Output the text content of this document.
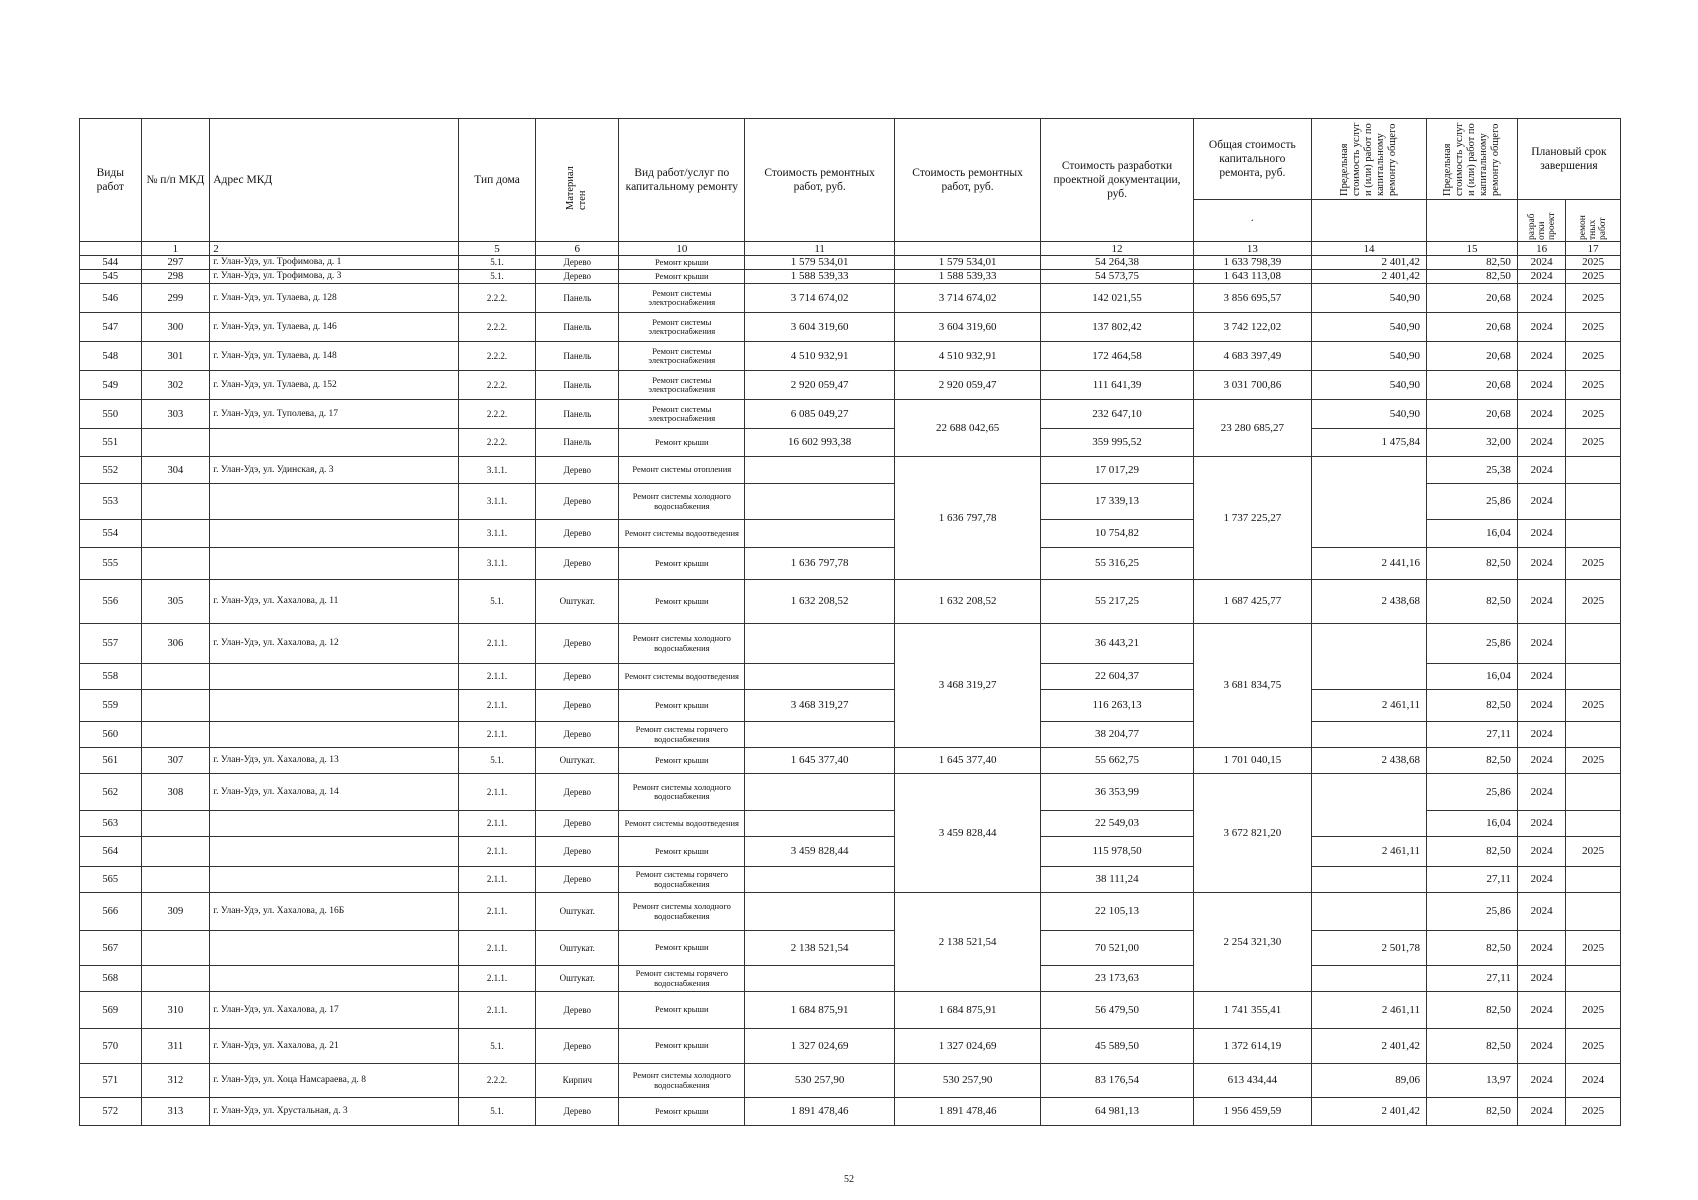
Виды работ	№ п/п МКД	Адрес МКД	Тип дома	Материал стен	Вид работ/услуг по капитальному ремонту	Стоимость ремонтных работ, руб.	Стоимость ремонтных работ, руб.	Стоимость разработки проектной документации, руб.	Общая стоимость капитального ремонта, руб.	Предельная стоимость услуг и (или) работ по капитальному ремонту общего	Предельная стоимость услуг и (или) работ по капитальному ремонту общего	Плановый срок завершения	
									·			разраб отки проект	ремон тных работ

	1	2	5	6	10	11		12	13	14	15	16	17
544	297	г. Улан-Удэ, ул. Трофимова, д. 1	5.1.	Дерево	Ремонт крыши	1 579 534,01	1 579 534,01	54 264,38	1 633 798,39	2 401,42	82,50	2024	2025
545	298	г. Улан-Удэ, ул. Трофимова, д. 3	5.1.	Дерево	Ремонт крыши	1 588 539,33	1 588 539,33	54 573,75	1 643 113,08	2 401,42	82,50	2024	2025
546	299	г. Улан-Удэ, ул. Тулаева, д. 128	2.2.2.	Панель	Ремонт системы электроснабжения	3 714 674,02	3 714 674,02	142 021,55	3 856 695,57	540,90	20,68	2024	2025
547	300	г. Улан-Удэ, ул. Тулаева, д. 146	2.2.2.	Панель	Ремонт системы электроснабжения	3 604 319,60	3 604 319,60	137 802,42	3 742 122,02	540,90	20,68	2024	2025
548	301	г. Улан-Удэ, ул. Тулаева, д. 148	2.2.2.	Панель	Ремонт системы электроснабжения	4 510 932,91	4 510 932,91	172 464,58	4 683 397,49	540,90	20,68	2024	2025
549	302	г. Улан-Удэ, ул. Тулаева, д. 152	2.2.2.	Панель	Ремонт системы электроснабжения	2 920 059,47	2 920 059,47	111 641,39	3 031 700,86	540,90	20,68	2024	2025
550	303	г. Улан-Удэ, ул. Туполева, д. 17	2.2.2.	Панель	Ремонт системы электроснабжения	6 085 049,27	22 688 042,65	232 647,10	23 280 685,27	540,90	20,68	2024	2025
551			2.2.2.	Панель	Ремонт крыши	16 602 993,38		359 995,52		1 475,84	32,00	2024	2025
552	304	г. Улан-Удэ, ул. Удинская, д. 3	3.1.1.	Дерево	Ремонт системы отопления		1 636 797,78	17 017,29	1 737 225,27		25,38	2024	
553			3.1.1.	Дерево	Ремонт системы холодного водоснабжения			17 339,13			25,86	2024	
554			3.1.1.	Дерево	Ремонт системы водоотведения			10 754,82			16,04	2024	
555			3.1.1.	Дерево	Ремонт крыши	1 636 797,78		55 316,25		2 441,16	82,50	2024	2025
556	305	г. Улан-Удэ, ул. Хахалова, д. 11	5.1.	Оштукат.	Ремонт крыши	1 632 208,52	1 632 208,52	55 217,25	1 687 425,77	2 438,68	82,50	2024	2025
557	306	г. Улан-Удэ, ул. Хахалова, д. 12	2.1.1.	Дерево	Ремонт системы холодного водоснабжения		3 468 319,27	36 443,21	3 681 834,75		25,86	2024	
558			2.1.1.	Дерево	Ремонт системы водоотведения			22 604,37			16,04	2024	
559			2.1.1.	Дерево	Ремонт крыши	3 468 319,27		116 263,13		2 461,11	82,50	2024	2025
560			2.1.1.	Дерево	Ремонт системы горячего водоснабжения			38 204,77			27,11	2024	
561	307	г. Улан-Удэ, ул. Хахалова, д. 13	5.1.	Оштукат.	Ремонт крыши	1 645 377,40	1 645 377,40	55 662,75	1 701 040,15	2 438,68	82,50	2024	2025
562	308	г. Улан-Удэ, ул. Хахалова, д. 14	2.1.1.	Дерево	Ремонт системы холодного водоснабжения		3 459 828,44	36 353,99	3 672 821,20		25,86	2024	
563			2.1.1.	Дерево	Ремонт системы водоотведения			22 549,03			16,04	2024	
564			2.1.1.	Дерево	Ремонт крыши	3 459 828,44		115 978,50		2 461,11	82,50	2024	2025
565			2.1.1.	Дерево	Ремонт системы горячего водоснабжения			38 111,24			27,11	2024	
566	309	г. Улан-Удэ, ул. Хахалова, д. 16Б	2.1.1.	Оштукат.	Ремонт системы холодного водоснабжения		2 138 521,54	22 105,13	2 254 321,30		25,86	2024	
567			2.1.1.	Оштукат.	Ремонт крыши	2 138 521,54		70 521,00		2 501,78	82,50	2024	2025
568			2.1.1.	Оштукат.	Ремонт системы горячего водоснабжения			23 173,63			27,11	2024	
569	310	г. Улан-Удэ, ул. Хахалова, д. 17	2.1.1.	Дерево	Ремонт крыши	1 684 875,91	1 684 875,91	56 479,50	1 741 355,41	2 461,11	82,50	2024	2025
570	311	г. Улан-Удэ, ул. Хахалова, д. 21	5.1.	Дерево	Ремонт крыши	1 327 024,69	1 327 024,69	45 589,50	1 372 614,19	2 401,42	82,50	2024	2025
571	312	г. Улан-Удэ, ул. Хоца Намсараева, д. 8	2.2.2.	Кирпич	Ремонт системы холодного водоснабжения	530 257,90	530 257,90	83 176,54	613 434,44	89,06	13,97	2024	2024
572	313	г. Улан-Удэ, ул. Хрустальная, д. 3	5.1.	Дерево	Ремонт крыши	1 891 478,46	1 891 478,46	64 981,13	1 956 459,59	2 401,42	82,50	2024	2025
52
